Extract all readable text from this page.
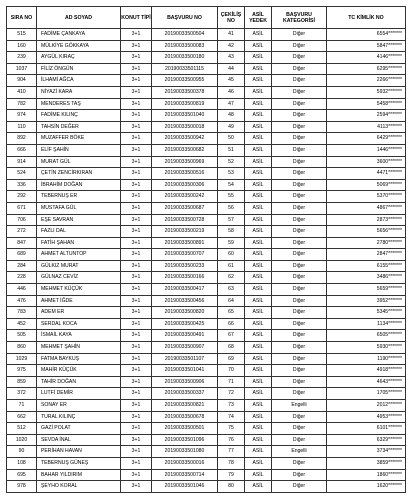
SIRA NO	AD SOYAD	KONUT TİPİ	BAŞVURU NO	ÇEKİLİŞ NO	ASİL YEDEK	BAŞVURU KATEGORİSİ	TC KİMLİK NO
515	FADİME ÇANKAYA	3+1	20190033500504	41	ASİL	Diğer	6554*******
160	MÜLKİYE GÖKKAYA	3+1	20190033500083	42	ASİL	Diğer	5847*******
239	AYGÜL KIRAÇ	3+1	20190033500180	43	ASİL	Diğer	4146*******
1037	FİLİZ ÖNGÜN	3+1	20190033501115	44	ASİL	Diğer	6295*******
904	İLHAMİ AĞCA	3+1	20190033500955	45	ASİL	Diğer	2266*******
410	NİYAZİ KARA	3+1	20190033500378	46	ASİL	Diğer	5932*******
782	MENDERES TAŞ	3+1	20190033500819	47	ASİL	Diğer	5458*******
974	FADİME KILINÇ	3+1	20190033501040	48	ASİL	Diğer	2594*******
110	TAHSİN DEĞER	3+1	20190033500018	49	ASİL	Diğer	4113*******
892	MUZAFFER BÖKE	3+1	20190033500942	50	ASİL	Diğer	6429*******
666	ELİF ŞAHİN	3+1	20190033500682	51	ASİL	Diğer	1446*******
914	MURAT GÜL	3+1	20190033500969	52	ASİL	Diğer	3600*******
524	ÇETİN ZENCİRKIRAN	3+1	20190033500516	53	ASİL	Diğer	4471*******
336	İBRAHİM DOĞAN	3+1	20190033500306	54	ASİL	Diğer	5069*******
292	TEBERNUŞ ER	3+1	20190033500242	55	ASİL	Diğer	5370*******
671	MUSTAFA GÜL	3+1	20190033500687	56	ASİL	Diğer	4867*******
706	EŞE SAVRAN	3+1	20190033500728	57	ASİL	Diğer	2873*******
272	FAZLI DAL	3+1	20190033500219	58	ASİL	Diğer	5656*******
847	FATİH ŞAHAN	3+1	20190033500891	59	ASİL	Diğer	2780*******
689	AHMET ALTUNTOP	3+1	20190033500707	60	ASİL	Diğer	2847*******
284	GÜLKIZ MURAT	3+1	20190033500233	61	ASİL	Diğer	6155*******
228	GÜLNAZ CEVİZ	3+1	20190033500166	62	ASİL	Diğer	3486*******
446	MEHMET KÜÇÜK	3+1	20190033500417	63	ASİL	Diğer	5659*******
476	AHMET İĞDE	3+1	20190033500456	64	ASİL	Diğer	3952*******
783	ADEM ER	3+1	20190033500820	65	ASİL	Diğer	5345*******
452	SERDAL KOCA	3+1	20190033500425	66	ASİL	Diğer	1134*******
505	İSMAİL KAYA	3+1	20190033500491	67	ASİL	Diğer	6505*******
860	MEHMET ŞAHİN	3+1	20190033500907	68	ASİL	Diğer	5930*******
1029	FATMA BAYKUŞ	3+1	20190033501107	69	ASİL	Diğer	1190*******
975	MAHİR KÜÇÜK	3+1	20190033501041	70	ASİL	Diğer	4918*******
859	TAHİR DOĞAN	3+1	20190033500906	71	ASİL	Diğer	4643*******
372	LUTFİ DEMİR	3+1	20190033500337	72	ASİL	Diğer	1705*******
71	SONAY ER	3+1	20190033500821	73	ASİL	Engelli	2012*******
662	TURAL KILINÇ	3+1	20190033500678	74	ASİL	Diğer	4953*******
512	GAZİ POLAT	3+1	20190033500501	75	ASİL	Diğer	6101*******
1020	SEVDA İNAL	3+1	20190033501096	76	ASİL	Diğer	6329*******
90	PERİHAN HAVAN	3+1	20190033501080	77	ASİL	Engelli	3734*******
108	TEBERNUŞ GÜNEŞ	3+1	20190033500016	78	ASİL	Diğer	3859*******
695	BAHAR YILDIRIM	3+1	20190033500714	79	ASİL	Diğer	1860*******
978	ŞEYHO KORAL	3+1	20190033501046	80	ASİL	Diğer	1620*******
